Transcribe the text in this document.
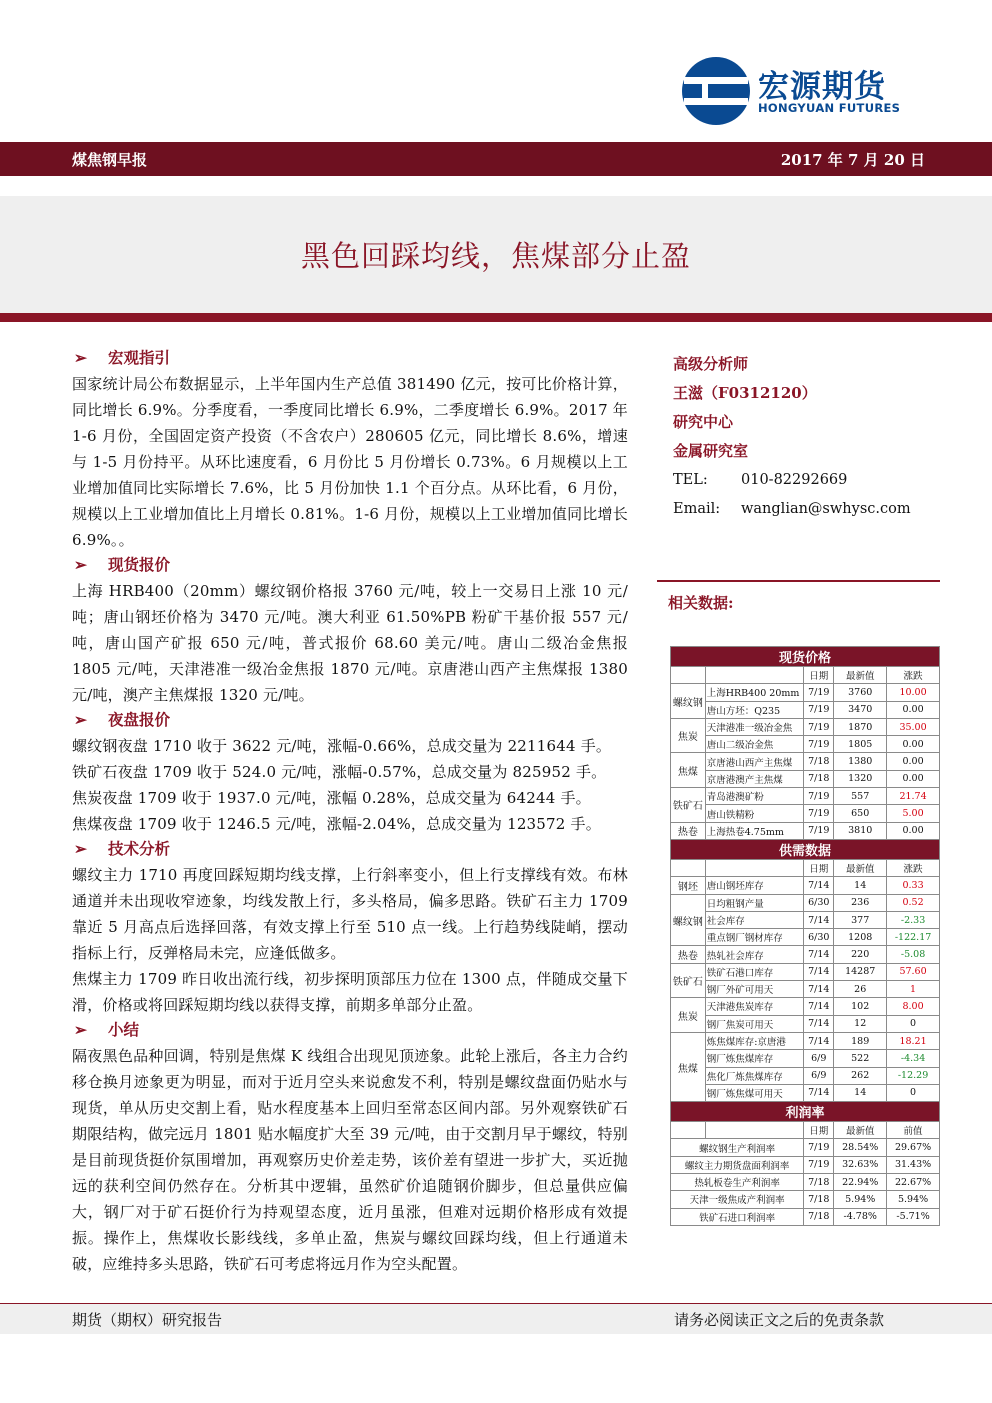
宏源期货
HONGYUAN FUTURES
煤焦钢早报	2017 年 7 月 20 日
黑色回踩均线，焦煤部分止盈
➢ 宏观指引

国家统计局公布数据显示，上半年国内生产总值 381490 亿元，按可比价格计算，同比增长 6.9%。分季度看，一季度同比增长 6.9%，二季度增长 6.9%。2017 年 1-6 月份，全国固定资产投资（不含农户）280605 亿元，同比增长 8.6%，增速与 1-5 月份持平。从环比速度看，6 月份比 5 月份增长 0.73%。6 月规模以上工业增加值同比实际增长 7.6%，比 5 月份加快 1.1 个百分点。从环比看，6 月份，规模以上工业增加值比上月增长 0.81%。1-6 月份，规模以上工业增加值同比增长 6.9%。。

➢ 现货报价

上海 HRB400（20mm）螺纹钢价格报 3760 元/吨，较上一交易日上涨 10 元/吨；唐山钢坯价格为 3470 元/吨。澳大利亚 61.50%PB 粉矿干基价报 557 元/吨，唐山国产矿报 650 元/吨，普式报价 68.60 美元/吨。唐山二级冶金焦报 1805 元/吨，天津港准一级冶金焦报 1870 元/吨。京唐港山西产主焦煤报 1380 元/吨，澳产主焦煤报 1320 元/吨。

➢ 夜盘报价

螺纹钢夜盘 1710 收于 3622 元/吨，涨幅-0.66%，总成交量为 2211644 手。

铁矿石夜盘 1709 收于 524.0 元/吨，涨幅-0.57%，总成交量为 825952 手。

焦炭夜盘 1709 收于 1937.0 元/吨，涨幅 0.28%，总成交量为 64244 手。

焦煤夜盘 1709 收于 1246.5 元/吨，涨幅-2.04%，总成交量为 123572 手。

➢ 技术分析

螺纹主力 1710 再度回踩短期均线支撑，上行斜率变小，但上行支撑线有效。布林通道并未出现收窄迹象，均线发散上行，多头格局，偏多思路。铁矿石主力 1709 靠近 5 月高点后选择回落，有效支撑上行至 510 点一线。上行趋势线陡峭，摆动指标上行，反弹格局未完，应逢低做多。

焦煤主力 1709 昨日收出流行线，初步探明顶部压力位在 1300 点，伴随成交量下滑，价格或将回踩短期均线以获得支撑，前期多单部分止盈。

➢ 小结

隔夜黑色品种回调，特别是焦煤 K 线组合出现见顶迹象。此轮上涨后，各主力合约移仓换月迹象更为明显，而对于近月空头来说愈发不利，特别是螺纹盘面仍贴水与现货，单从历史交割上看，贴水程度基本上回归至常态区间内部。另外观察铁矿石期限结构，做完远月 1801 贴水幅度扩大至 39 元/吨，由于交割月早于螺纹，特别是目前现货挺价氛围增加，再观察历史价差走势，该价差有望进一步扩大，买近抛远的获利空间仍然存在。分析其中逻辑，虽然矿价追随钢价脚步，但总量供应偏大，钢厂对于矿石挺价行为持观望态度，近月虽涨，但难对远期价格形成有效提振。操作上，焦煤收长影线线，多单止盈，焦炭与螺纹回踩均线，但上行通道未破，应维持多头思路，铁矿石可考虑将远月作为空头配置。

高级分析师
王滋（F0312120）
研究中心
金属研究室
TEL: 010-82292669
Email: wanglian@swhysc.com
相关数据:
现货价格				
		日期	最新值	涨跌
螺纹钢	上海HRB400 20mm	7/19	3760	10.00
	唐山方坯：Q235	7/19	3470	0.00
焦炭	天津港准一级冶金焦	7/19	1870	35.00
	唐山二级冶金焦	7/19	1805	0.00
焦煤	京唐港山西产主焦煤	7/18	1380	0.00
	京唐港澳产主焦煤	7/18	1320	0.00
铁矿石	青岛港澳矿粉	7/19	557	21.74
	唐山铁精粉	7/19	650	5.00
热卷	上海热卷4.75mm	7/19	3810	0.00
供需数据				
		日期	最新值	涨跌
钢坯	唐山钢坯库存	7/14	14	0.33
螺纹钢	日均粗钢产量	6/30	236	0.52
	社会库存	7/14	377	-2.33
	重点钢厂钢材库存	6/30	1208	-122.17
热卷	热轧社会库存	7/14	220	-5.08
铁矿石	铁矿石港口库存	7/14	14287	57.60
	钢厂外矿可用天	7/14	26	1
焦炭	天津港焦炭库存	7/14	102	8.00
	钢厂焦炭可用天	7/14	12	0
焦煤	炼焦煤库存:京唐港	7/14	189	18.21
	钢厂炼焦煤库存	6/9	522	-4.34
	焦化厂炼焦煤库存	6/9	262	-12.29
	钢厂炼焦煤可用天	7/14	14	0
利润率				
		日期	最新值	前值
螺纹钢生产利润率		7/19	28.54%	29.67%
螺纹主力期货盘面利润率		7/19	32.63%	31.43%
热轧板卷生产利润率		7/18	22.94%	22.67%
天津一级焦成产利润率		7/18	5.94%	5.94%
铁矿石进口利润率		7/18	-4.78%	-5.71%
期货（期权）研究报告	请务必阅读正文之后的免责条款
